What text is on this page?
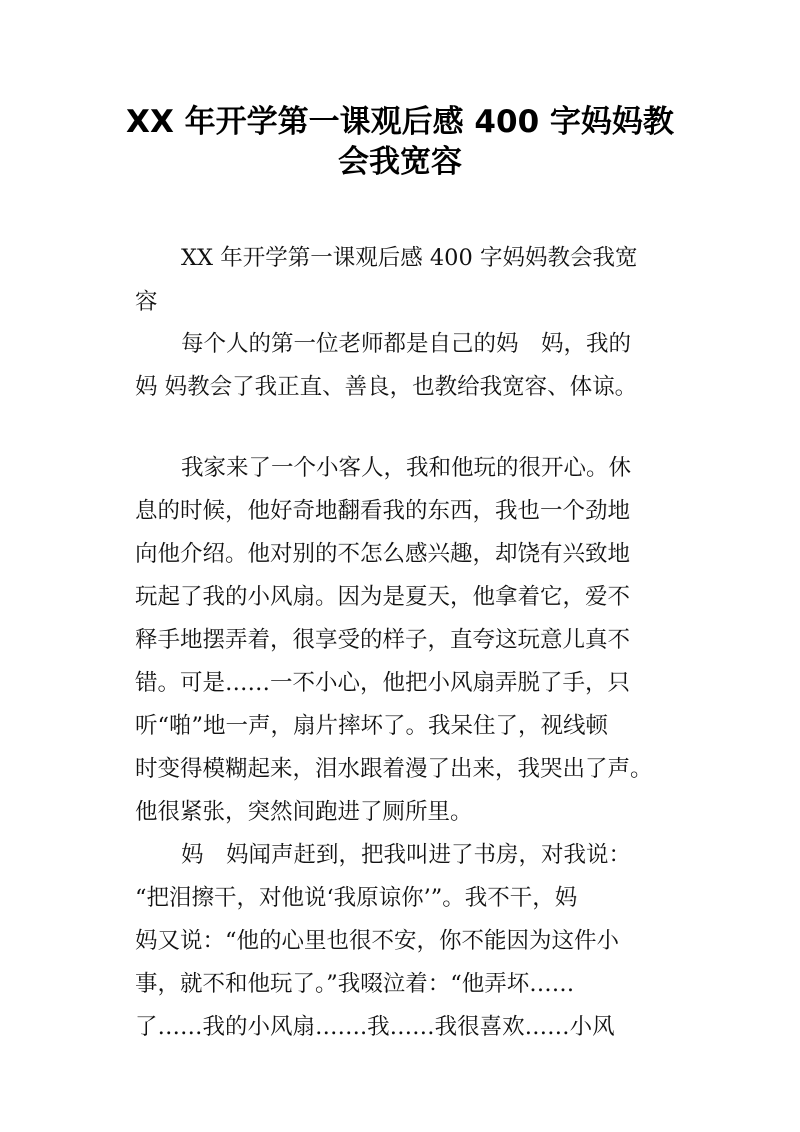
XX 年开学第一课观后感 400 字妈妈教
会我宽容
XX 年开学第一课观后感 400 字妈妈教会我宽
容
每个人的第一位老师都是自己的妈　妈，我的
妈 妈教会了我正直、善良，也教给我宽容、体谅。
我家来了一个小客人，我和他玩的很开心。休
息的时候，他好奇地翻看我的东西，我也一个劲地
向他介绍。他对别的不怎么感兴趣，却饶有兴致地
玩起了我的小风扇。因为是夏天，他拿着它，爱不
释手地摆弄着，很享受的样子，直夸这玩意儿真不
错。可是……一不小心，他把小风扇弄脱了手，只
听“啪”地一声，扇片摔坏了。我呆住了，视线顿
时变得模糊起来，泪水跟着漫了出来，我哭出了声。
他很紧张，突然间跑进了厕所里。
妈　妈闻声赶到，把我叫进了书房，对我说：
“把泪擦干，对他说‘我原谅你’”。我不干，妈
妈又说：“他的心里也很不安，你不能因为这件小
事，就不和他玩了。”我啜泣着：“他弄坏……
了……我的小风扇…….我……我很喜欢……小风
